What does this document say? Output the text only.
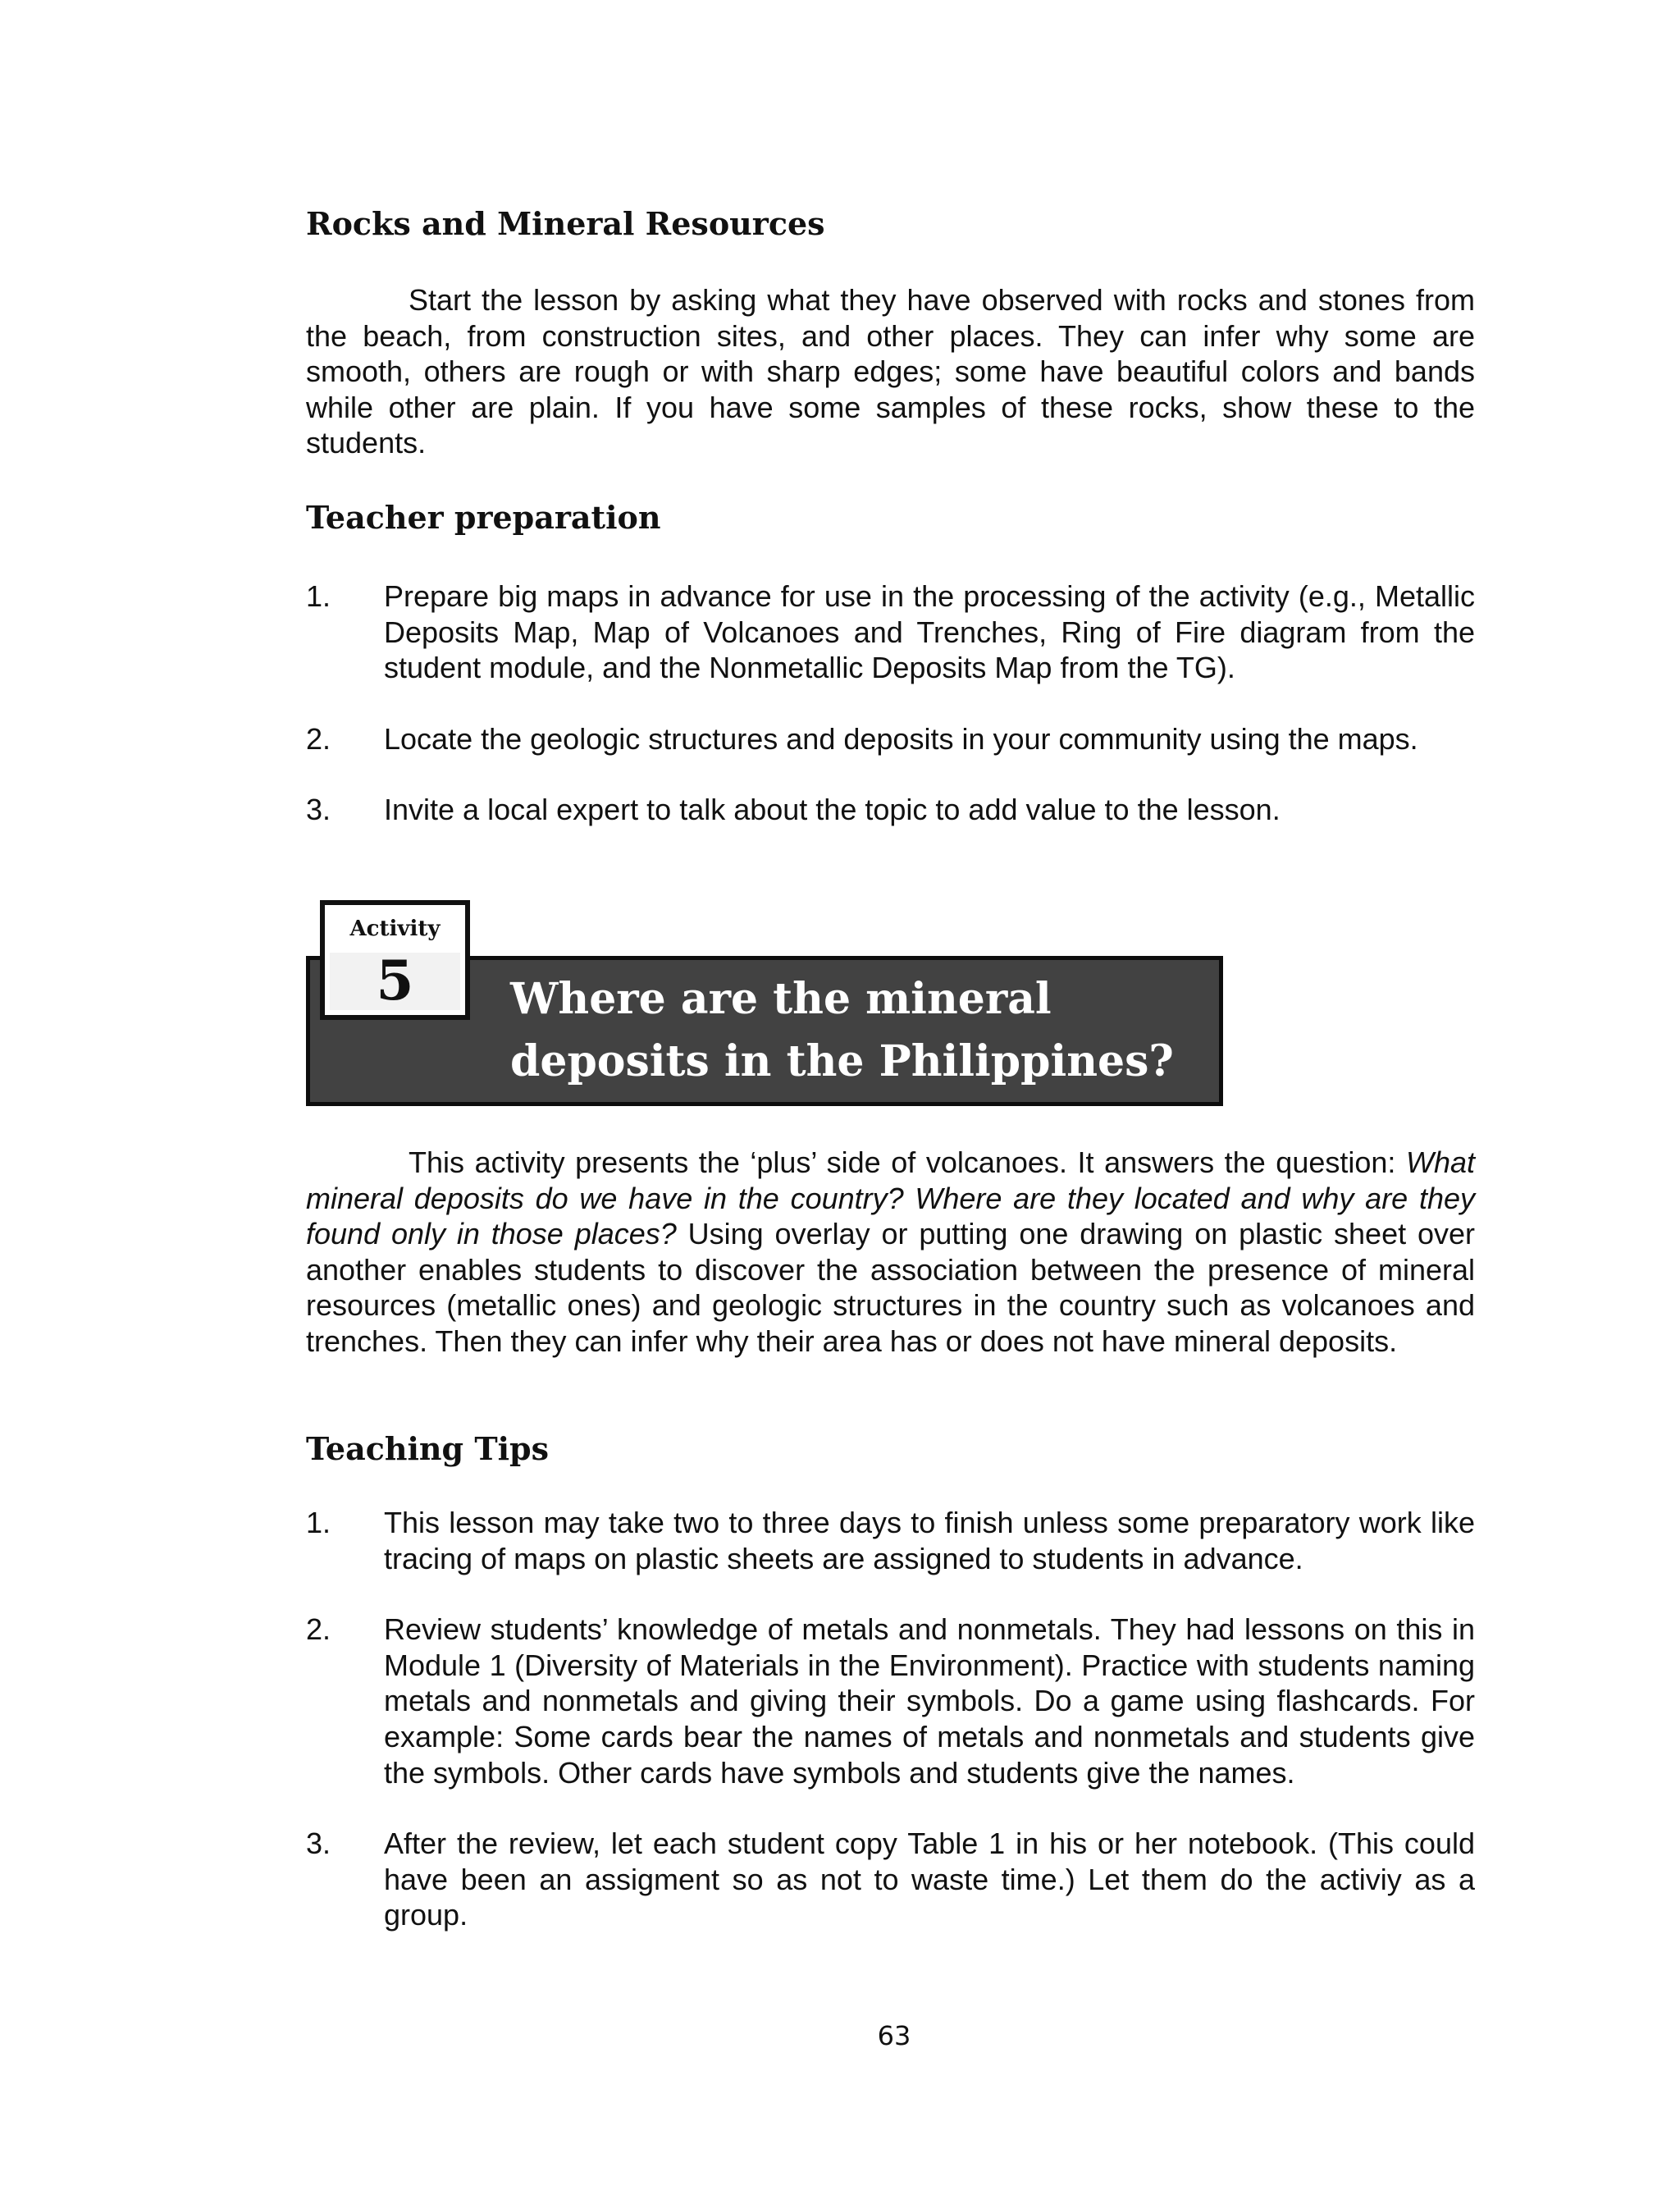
Rocks and Mineral Resources

Start the lesson by asking what they have observed with rocks and stones from the beach, from construction sites, and other places. They can infer why some are smooth, others are rough or with sharp edges; some have beautiful colors and bands while other are plain. If you have some samples of these rocks, show these to the students.

Teacher preparation
1. Prepare big maps in advance for use in the processing of the activity (e.g., Metallic Deposits Map, Map of Volcanoes and Trenches, Ring of Fire diagram from the student module, and the Nonmetallic Deposits Map from the TG).
2. Locate the geologic structures and deposits in your community using the maps.
3. Invite a local expert to talk about the topic to add value to the lesson.
Where are the mineral
deposits in the Philippines?
Activity
5

This activity presents the ‘plus’ side of volcanoes. It answers the question: What mineral deposits do we have in the country? Where are they located and why are they found only in those places? Using overlay or putting one drawing on plastic sheet over another enables students to discover the association between the presence of mineral resources (metallic ones) and geologic structures in the country such as volcanoes and trenches. Then they can infer why their area has or does not have mineral deposits.

Teaching Tips
1. This lesson may take two to three days to finish unless some preparatory work like tracing of maps on plastic sheets are assigned to students in advance.
2. Review students’ knowledge of metals and nonmetals. They had lessons on this in Module 1 (Diversity of Materials in the Environment). Practice with students naming metals and nonmetals and giving their symbols. Do a game using flashcards. For example: Some cards bear the names of metals and nonmetals and students give the symbols. Other cards have symbols and students give the names.
3. After the review, let each student copy Table 1 in his or her notebook. (This could have been an assigment so as not to waste time.) Let them do the activiy as a group.
63
